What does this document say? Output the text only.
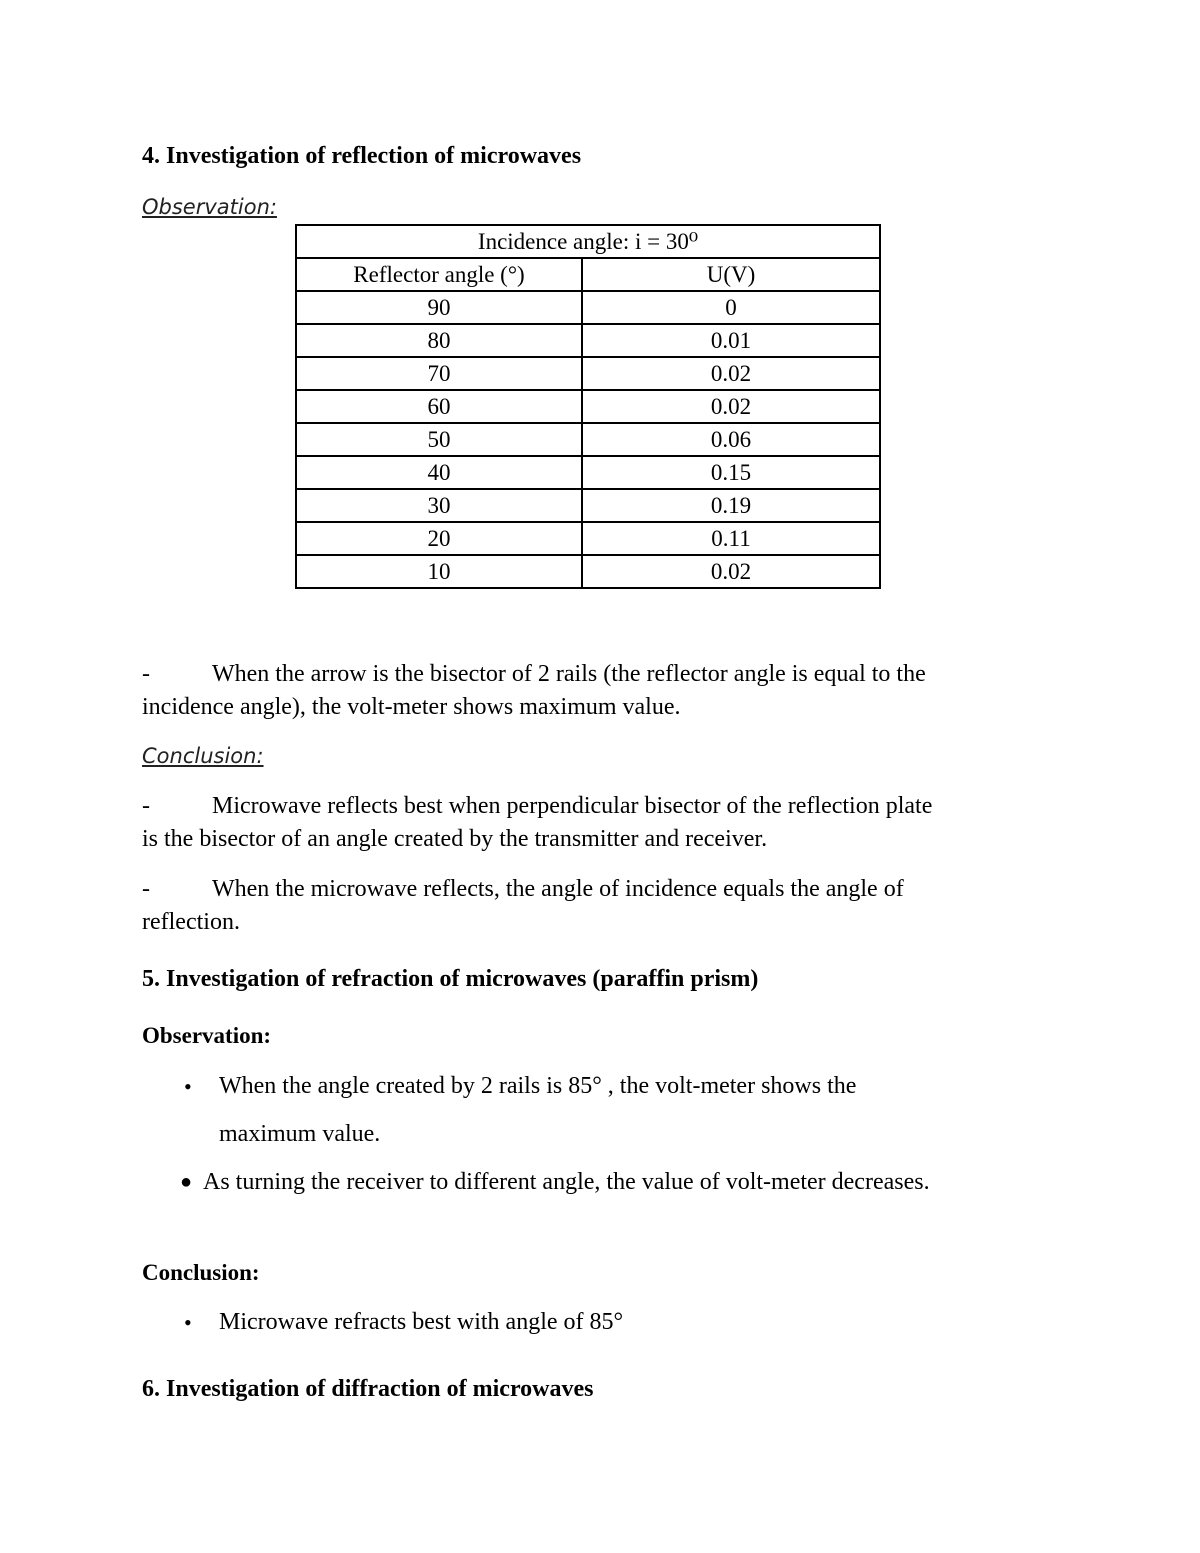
4. Investigation of reflection of microwaves
Observation:
Incidence angle: i = 30⁰	
Reflector angle (°)	U(V)
90	0
80	0.01
70	0.02
60	0.02
50	0.06
40	0.15
30	0.19
20	0.11
10	0.02
-	When the arrow is the bisector of 2 rails (the reflector angle is equal to the
incidence angle), the volt-meter shows maximum value.
Conclusion:
-	Microwave reflects best when perpendicular bisector of the reflection plate
is the bisector of an angle created by the transmitter and receiver.
-	When the microwave reflects, the angle of incidence equals the angle of
reflection.
5. Investigation of refraction of microwaves (paraffin prism)
Observation:
• When the angle created by 2 rails is 85° , the volt-meter shows the
maximum value.
● As turning the receiver to different angle, the value of volt-meter decreases.
Conclusion:
• Microwave refracts best with angle of 85°
6. Investigation of diffraction of microwaves
